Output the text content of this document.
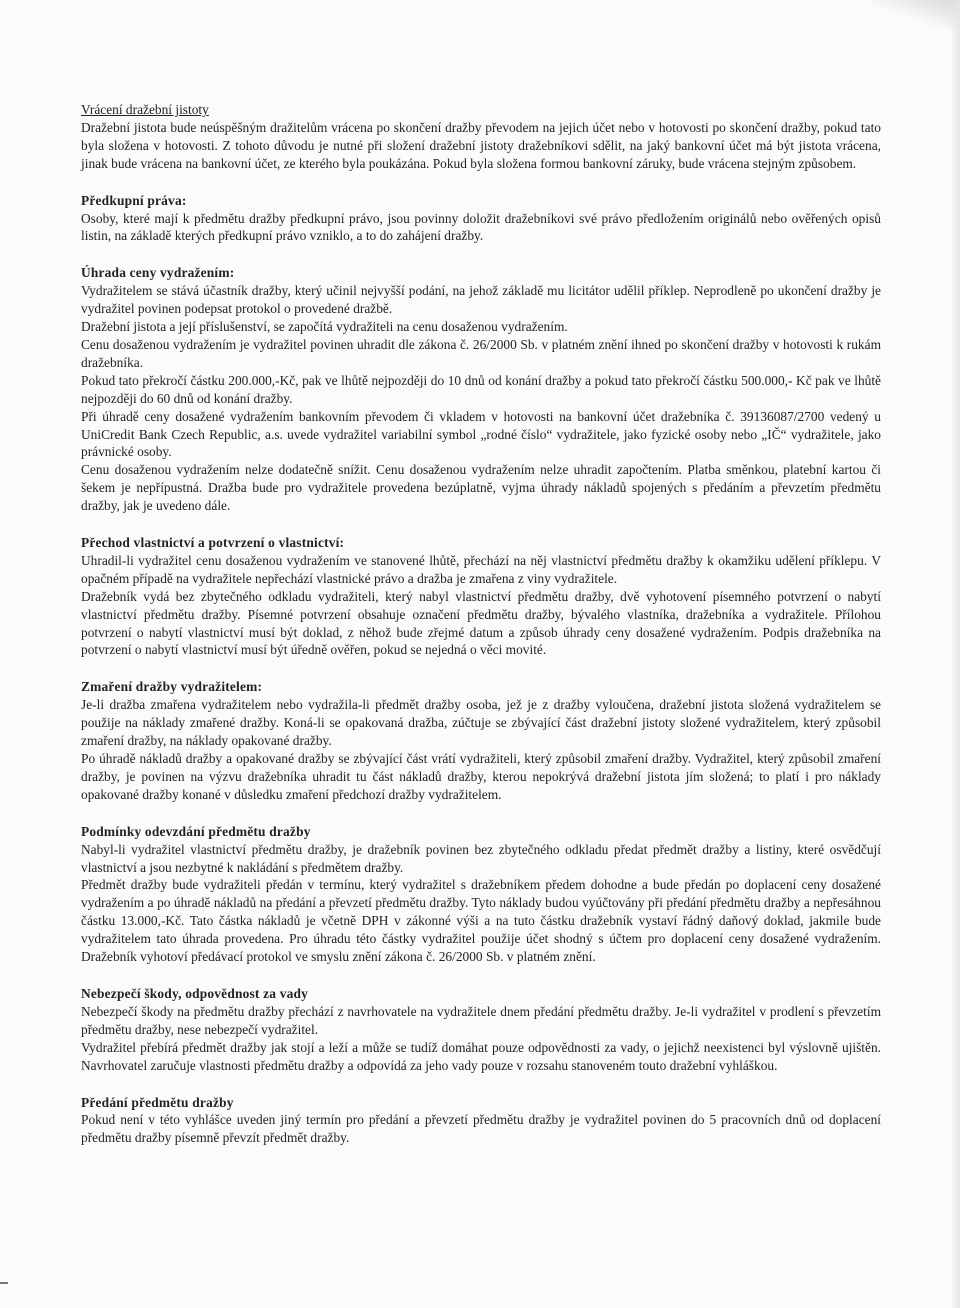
Vrácení dražební jistoty

Dražební jistota bude neúspěšným dražitelům vrácena po skončení dražby převodem na jejich účet nebo v hotovosti po skončení dražby, pokud tato byla složena v hotovosti. Z tohoto důvodu je nutné při složení dražební jistoty dražebníkovi sdělit, na jaký bankovní účet má být jistota vrácena, jinak bude vrácena na bankovní účet, ze kterého byla poukázána. Pokud byla složena formou bankovní záruky, bude vrácena stejným způsobem.

Předkupní práva:

Osoby, které mají k předmětu dražby předkupní právo, jsou povinny doložit dražebníkovi své právo předložením originálů nebo ověřených opisů listin, na základě kterých předkupní právo vzniklo, a to do zahájení dražby.

Úhrada ceny vydražením:

Vydražitelem se stává účastník dražby, který učinil nejvyšší podání, na jehož základě mu licitátor udělil příklep. Neprodleně po ukončení dražby je vydražitel povinen podepsat protokol o provedené dražbě.

Dražební jistota a její příslušenství, se započítá vydražiteli na cenu dosaženou vydražením.

Cenu dosaženou vydražením je vydražitel povinen uhradit dle zákona č. 26/2000 Sb. v platném znění ihned po skončení dražby v hotovosti k rukám dražebníka.

Pokud tato překročí částku 200.000,-Kč, pak ve lhůtě nejpozději do 10 dnů od konání dražby a pokud tato překročí částku 500.000,- Kč pak ve lhůtě nejpozději do 60 dnů od konání dražby.

Při úhradě ceny dosažené vydražením bankovním převodem či vkladem v hotovosti na bankovní účet dražebníka č. 39136087/2700 vedený u UniCredit Bank Czech Republic, a.s. uvede vydražitel variabilní symbol „rodné číslo“ vydražitele, jako fyzické osoby nebo „IČ“ vydražitele, jako právnické osoby.

Cenu dosaženou vydražením nelze dodatečně snížit. Cenu dosaženou vydražením nelze uhradit započtením. Platba směnkou, platební kartou či šekem je nepřípustná. Dražba bude pro vydražitele provedena bezúplatně, vyjma úhrady nákladů spojených s předáním a převzetím předmětu dražby, jak je uvedeno dále.

Přechod vlastnictví a potvrzení o vlastnictví:

Uhradil-li vydražitel cenu dosaženou vydražením ve stanovené lhůtě, přechází na něj vlastnictví předmětu dražby k okamžiku udělení příklepu. V opačném případě na vydražitele nepřechází vlastnické právo a dražba je zmařena z viny vydražitele.

Dražebník vydá bez zbytečného odkladu vydražiteli, který nabyl vlastnictví předmětu dražby, dvě vyhotovení písemného potvrzení o nabytí vlastnictví předmětu dražby. Písemné potvrzení obsahuje označení předmětu dražby, bývalého vlastníka, dražebníka a vydražitele. Přílohou potvrzení o nabytí vlastnictví musí být doklad, z něhož bude zřejmé datum a způsob úhrady ceny dosažené vydražením. Podpis dražebníka na potvrzení o nabytí vlastnictví musí být úředně ověřen, pokud se nejedná o věci movité.

Zmaření dražby vydražitelem:

Je-li dražba zmařena vydražitelem nebo vydražila-li předmět dražby osoba, jež je z dražby vyloučena, dražební jistota složená vydražitelem se použije na náklady zmařené dražby. Koná-li se opakovaná dražba, zúčtuje se zbývající část dražební jistoty složené vydražitelem, který způsobil zmaření dražby, na náklady opakované dražby.

Po úhradě nákladů dražby a opakované dražby se zbývající část vrátí vydražiteli, který způsobil zmaření dražby. Vydražitel, který způsobil zmaření dražby, je povinen na výzvu dražebníka uhradit tu část nákladů dražby, kterou nepokrývá dražební jistota jím složená; to platí i pro náklady opakované dražby konané v důsledku zmaření předchozí dražby vydražitelem.

Podmínky odevzdání předmětu dražby

Nabyl-li vydražitel vlastnictví předmětu dražby, je dražebník povinen bez zbytečného odkladu předat předmět dražby a listiny, které osvědčují vlastnictví a jsou nezbytné k nakládání s předmětem dražby.

Předmět dražby bude vydražiteli předán v termínu, který vydražitel s dražebníkem předem dohodne a bude předán po doplacení ceny dosažené vydražením a po úhradě nákladů na předání a převzetí předmětu dražby. Tyto náklady budou vyúčtovány při předání předmětu dražby a nepřesáhnou částku 13.000,-Kč. Tato částka nákladů je včetně DPH v zákonné výši a na tuto částku dražebník vystaví řádný daňový doklad, jakmile bude vydražitelem tato úhrada provedena. Pro úhradu této částky vydražitel použije účet shodný s účtem pro doplacení ceny dosažené vydražením. Dražebník vyhotoví předávací protokol ve smyslu znění zákona č. 26/2000 Sb. v platném znění.

Nebezpečí škody, odpovědnost za vady

Nebezpečí škody na předmětu dražby přechází z navrhovatele na vydražitele dnem předání předmětu dražby. Je-li vydražitel v prodlení s převzetím předmětu dražby, nese nebezpečí vydražitel.

Vydražitel přebírá předmět dražby jak stojí a leží a může se tudíž domáhat pouze odpovědnosti za vady, o jejichž neexistenci byl výslovně ujištěn. Navrhovatel zaručuje vlastnosti předmětu dražby a odpovídá za jeho vady pouze v rozsahu stanoveném touto dražební vyhláškou.

Předání předmětu dražby

Pokud není v této vyhlášce uveden jiný termín pro předání a převzetí předmětu dražby je vydražitel povinen do 5 pracovních dnů od doplacení předmětu dražby písemně převzít předmět dražby.
